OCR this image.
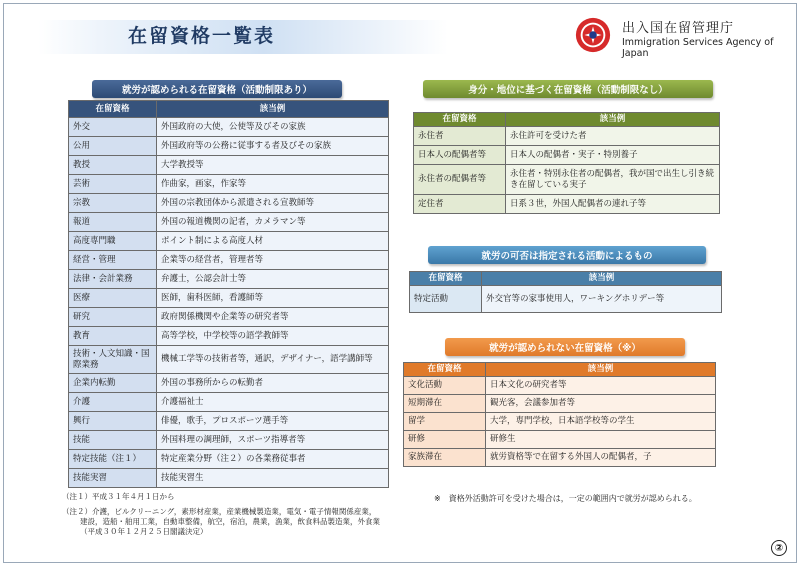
在留資格一覧表	出入国在留管理庁
Immigration Services Agency of Japan
就労が認められる在留資格（活動制限あり）
在留資格	該当例
外交	外国政府の大使，公使等及びその家族
公用	外国政府等の公務に従事する者及びその家族
教授	大学教授等
芸術	作曲家，画家，作家等
宗教	外国の宗教団体から派遣される宣教師等
報道	外国の報道機関の記者，カメラマン等
高度専門職	ポイント制による高度人材
経営・管理	企業等の経営者，管理者等
法律・会計業務	弁護士，公認会計士等
医療	医師，歯科医師，看護師等
研究	政府関係機関や企業等の研究者等
教育	高等学校，中学校等の語学教師等
技術・人文知識・国際業務	機械工学等の技術者等，通訳，デザイナー，語学講師等
企業内転勤	外国の事務所からの転勤者
介護	介護福祉士
興行	俳優，歌手，プロスポーツ選手等
技能	外国料理の調理師，スポーツ指導者等
特定技能（注１）	特定産業分野（注２）の各業務従事者
技能実習	技能実習生
身分・地位に基づく在留資格（活動制限なし）
在留資格	該当例
永住者	永住許可を受けた者
日本人の配偶者等	日本人の配偶者・実子・特別養子
永住者の配偶者等	永住者・特別永住者の配偶者，我が国で出生し引き続き在留している実子
定住者	日系３世，外国人配偶者の連れ子等
就労の可否は指定される活動によるもの
在留資格	該当例
特定活動	外交官等の家事使用人，ワーキングホリデー等
就労が認められない在留資格（※）
在留資格	該当例
文化活動	日本文化の研究者等
短期滞在	観光客，会議参加者等
留学	大学，専門学校，日本語学校等の学生
研修	研修生
家族滞在	就労資格等で在留する外国人の配偶者，子
（注１）平成３１年４月１日から
（注２）介護，ビルクリーニング，素形材産業，産業機械製造業，電気・電子情報関係産業，
建設，造船・舶用工業，自動車整備，航空，宿泊，農業，漁業，飲食料品製造業，外食業
（平成３０年１２月２５日閣議決定）
※　資格外活動許可を受けた場合は，一定の範囲内で就労が認められる。
②
